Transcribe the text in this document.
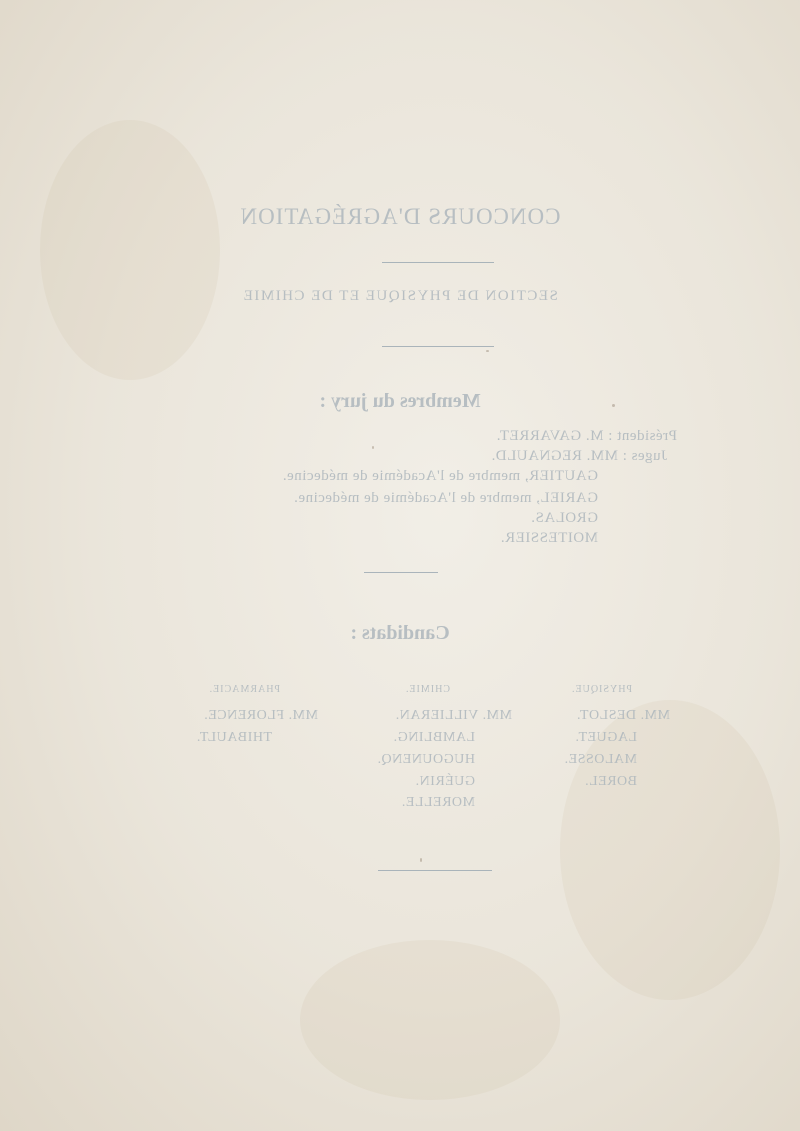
CONCOURS D'AGRÉGATION
SECTION DE PHYSIQUE ET DE CHIMIE
Membres du jury :
Président : M. GAVARRET.
Juges : MM. REGNAULD.
GAUTIER, membre de l'Académie de médecine.
GARIEL, membre de l'Académie de médecine.
GROLAS.
MOITESSIER.
Candidats :
PHYSIQUE.
MM. DESLOT.
LAGUET.
MALOSSE.
BOREL.
CHIMIE.
MM. VILLIERAN.
LAMBLING.
HUGOUNENQ.
GUÉRIN.
MORELLE.
PHARMACIE.
MM. FLORENCE.
THIBAULT.
